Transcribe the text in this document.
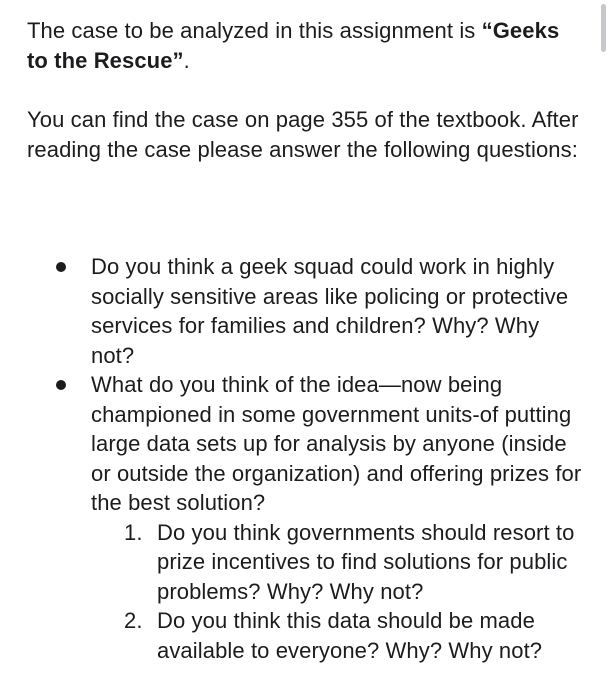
The case to be analyzed in this assignment is “Geeks to the Rescue”.

You can find the case on page 355 of the textbook. After reading the case please answer the following questions:

Do you think a geek squad could work in highly socially sensitive areas like policing or protective services for families and children? Why? Why not?
What do you think of the idea—now being championed in some government units-of putting large data sets up for analysis by anyone (inside or outside the organization) and offering prizes for the best solution?
1. Do you think governments should resort to prize incentives to find solutions for public problems? Why? Why not?
2. Do you think this data should be made available to everyone? Why? Why not?
